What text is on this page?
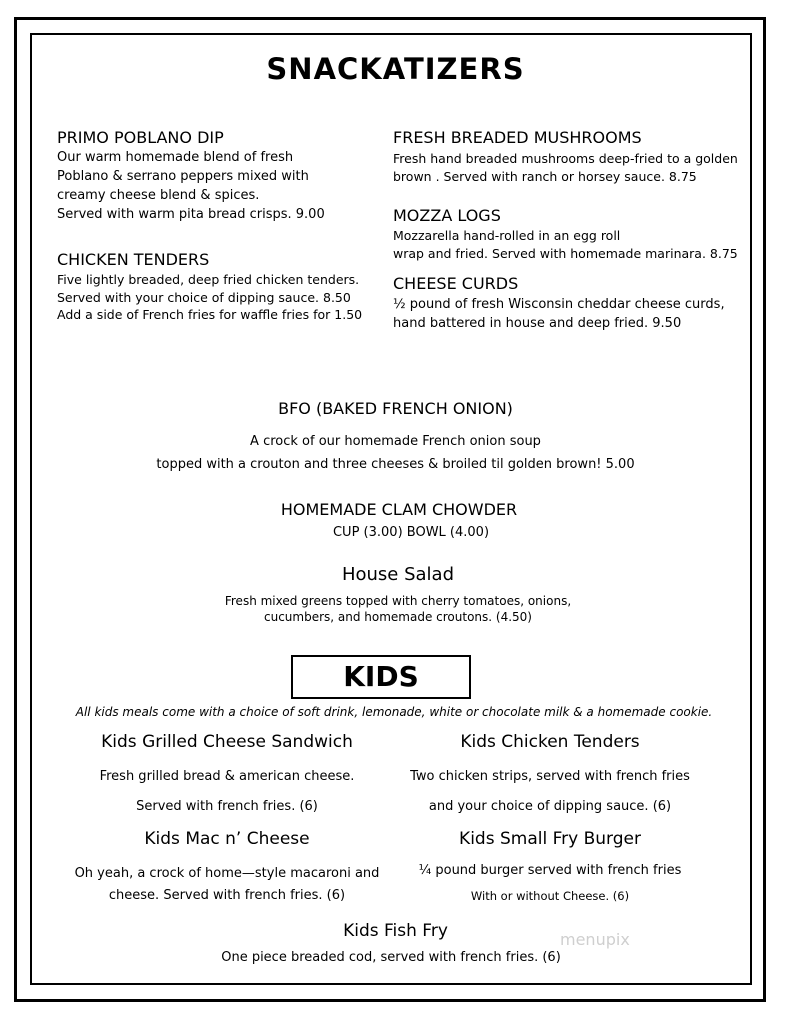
SNACKATIZERS
PRIMO POBLANO DIP
Our warm homemade blend of fresh
Poblano & serrano peppers mixed with
creamy cheese blend & spices.
Served with warm pita bread crisps. 9.00
CHICKEN TENDERS
Five lightly breaded, deep fried chicken tenders.
Served with your choice of dipping sauce. 8.50
Add a side of French fries for waffle fries for 1.50
FRESH BREADED MUSHROOMS
Fresh hand breaded mushrooms deep-fried to a golden
brown . Served with ranch or horsey sauce. 8.75
MOZZA LOGS
Mozzarella hand-rolled in an egg roll
wrap and fried. Served with homemade marinara. 8.75
CHEESE CURDS
½ pound of fresh Wisconsin cheddar cheese curds,
hand battered in house and deep fried. 9.50
BFO (BAKED FRENCH ONION)
A crock of our homemade French onion soup
topped with a crouton and three cheeses & broiled til golden brown! 5.00
HOMEMADE CLAM CHOWDER
CUP (3.00) BOWL (4.00)
House Salad
Fresh mixed greens topped with cherry tomatoes, onions,
cucumbers, and homemade croutons. (4.50)
KIDS
All kids meals come with a choice of soft drink, lemonade, white or chocolate milk & a homemade cookie.
Kids Grilled Cheese Sandwich
Fresh grilled bread & american cheese.
Served with french fries. (6)
Kids Chicken Tenders
Two chicken strips, served with french fries
and your choice of dipping sauce. (6)
Kids Mac n’ Cheese
Oh yeah, a crock of home—style macaroni and
cheese. Served with french fries. (6)
Kids Small Fry Burger
¼ pound burger served with french fries
With or without Cheese. (6)
Kids Fish Fry
One piece breaded cod, served with french fries. (6)
menupix
